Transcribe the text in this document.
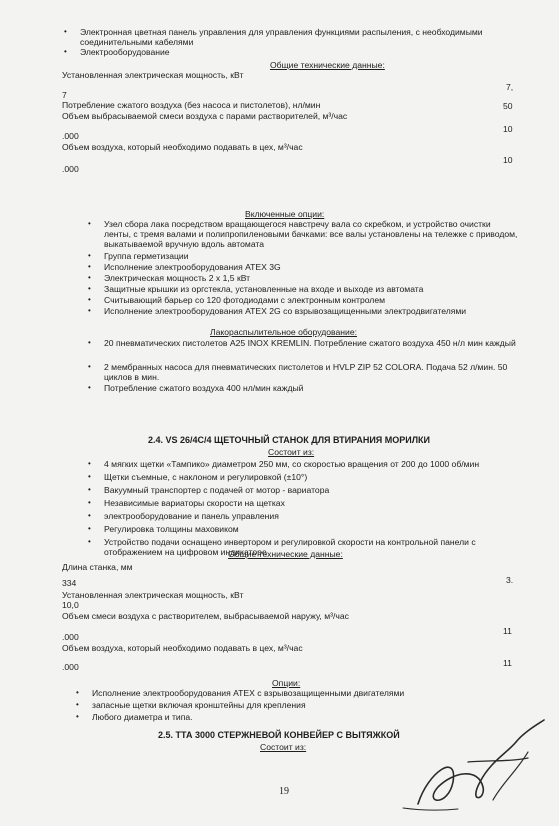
• Электронная цветная панель управления для управления функциями распыления, с необходимыми соединительными кабелями
• Электрооборудование
Общие технические данные:
Установленная электрическая мощность, кВт
7,
7
Потребление сжатого воздуха (без насоса и пистолетов), нл/мин	50
Объем выбрасываемой смеси воздуха с парами растворителей, м³/час
10
.000
Объем воздуха, который необходимо подавать в цех, м³/час
10
.000
Включенные опции:
• Узел сбора лака посредством вращающегося навстречу вала со скребком, и устройство очистки ленты, с тремя валами и полипропиленовыми бачками: все валы установлены на тележке с приводом, выкатываемой вручную вдоль автомата
• Группа герметизации
• Исполнение электрооборудования АТЕХ 3G
• Электрическая мощность 2 х 1,5 кВт
• Защитные крышки из оргстекла, установленные на входе и выходе из автомата
• Считывающий барьер со 120 фотодиодами с электронным контролем
• Исполнение электрооборудования АТЕХ 2G со взрывозащищенными электродвигателями
Лакораспылительное оборудование:
• 20 пневматических пистолетов A25 INOX KREMLIN. Потребление сжатого воздуха 450 н/л мин каждый
• 2 мембранных насоса для пневматических пистолетов и HVLP ZIP 52 COLORA. Подача 52 л/мин. 50 циклов в мин.
• Потребление сжатого воздуха 400 нл/мин каждый
2.4. VS 26/4C/4 ЩЕТОЧНЫЙ СТАНОК ДЛЯ ВТИРАНИЯ МОРИЛКИ
Состоит из:
• 4 мягких щетки «Тампико» диаметром 250 мм, со скоростью вращения от 200 до 1000 об/мин
• Щетки съемные, с наклоном и регулировкой (±10°)
• Вакуумный транспортер с подачей от мотор - вариатора
• Независимые вариаторы скорости на щетках
• электрооборудование и панель управления
• Регулировка толщины маховиком
• Устройство подачи оснащено инвертором и регулировкой скорости на контрольной панели с отображением на цифровом индикаторе
Общие технические данные:
Длина станка, мм
3.
334
Установленная электрическая мощность, кВт
10,0
Объем смеси воздуха с растворителем, выбрасываемой наружу, м³/час
11
.000
Объем воздуха, который необходимо подавать в цех, м³/час
11
.000
Опции:
• Исполнение электрооборудования АТЕХ с взрывозащищенными двигателями
• запасные щетки включая кронштейны для крепления
• Любого диаметра и типа.
2.5. ТТА 3000 СТЕРЖНЕВОЙ КОНВЕЙЕР С ВЫТЯЖКОЙ
Состоит из:
19
